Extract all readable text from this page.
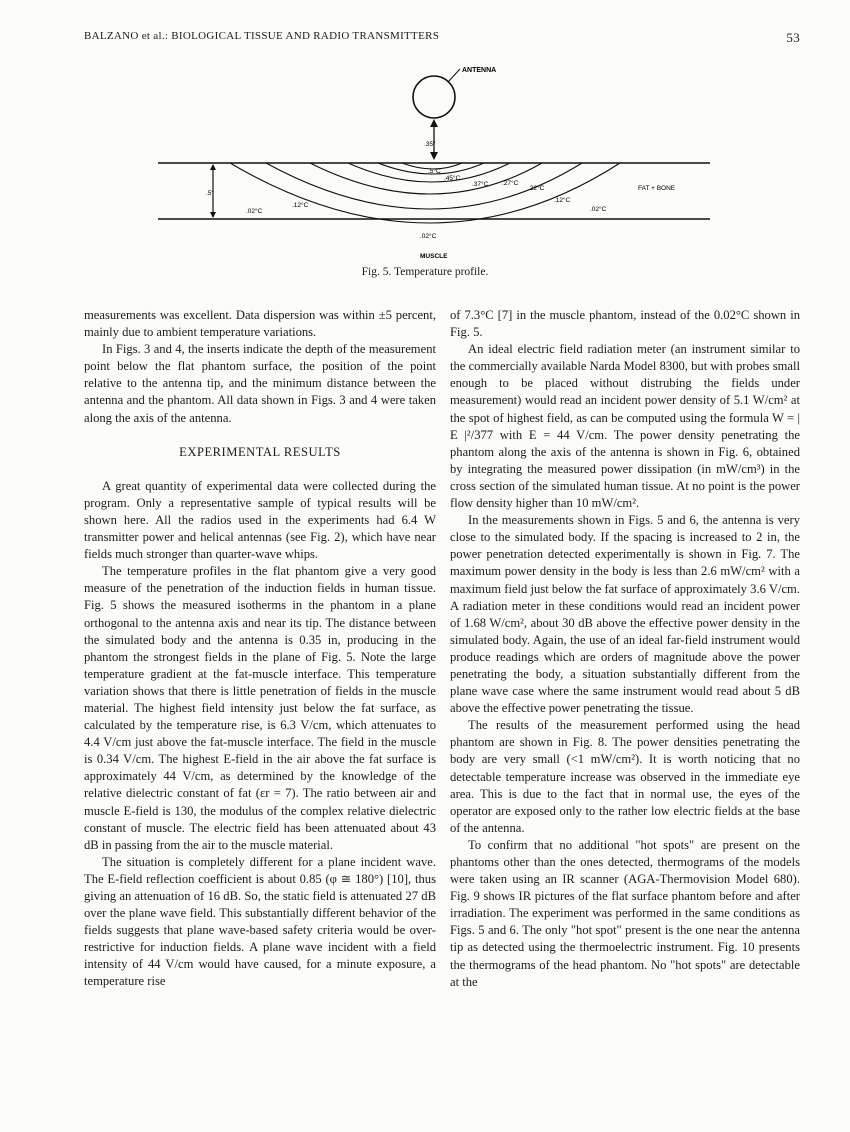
BALZANO et al.: BIOLOGICAL TISSUE AND RADIO TRANSMITTERS	53
ANTENNA
.35"
.5"
.5°C
.45°C
.37°C .27°C
.22°C
.12°C
.02°C
.12°C
.02°C
.02°C
FAT + BONE
MUSCLE
Fig. 5. Temperature profile.

measurements was excellent. Data dispersion was within ±5 percent, mainly due to ambient temperature variations.

In Figs. 3 and 4, the inserts indicate the depth of the measurement point below the flat phantom surface, the position of the point relative to the antenna tip, and the minimum distance between the antenna and the phantom. All data shown in Figs. 3 and 4 were taken along the axis of the antenna.

EXPERIMENTAL RESULTS

A great quantity of experimental data were collected during the program. Only a representative sample of typical results will be shown here. All the radios used in the experiments had 6.4 W transmitter power and helical antennas (see Fig. 2), which have near fields much stronger than quarter-wave whips.

The temperature profiles in the flat phantom give a very good measure of the penetration of the induction fields in human tissue. Fig. 5 shows the measured isotherms in the phantom in a plane orthogonal to the antenna axis and near its tip. The distance between the simulated body and the antenna is 0.35 in, producing in the phantom the strongest fields in the plane of Fig. 5. Note the large temperature gradient at the fat-muscle interface. This temperature variation shows that there is little penetration of fields in the muscle material. The highest field intensity just below the fat surface, as calculated by the temperature rise, is 6.3 V/cm, which attenuates to 4.4 V/cm just above the fat-muscle interface. The field in the muscle is 0.34 V/cm. The highest E-field in the air above the fat surface is approximately 44 V/cm, as determined by the knowledge of the relative dielectric constant of fat (εr = 7). The ratio between air and muscle E-field is 130, the modulus of the complex relative dielectric constant of muscle. The electric field has been attenuated about 43 dB in passing from the air to the muscle material.

The situation is completely different for a plane incident wave. The E-field reflection coefficient is about 0.85 (φ ≅ 180°) [10], thus giving an attenuation of 16 dB. So, the static field is attenuated 27 dB over the plane wave field. This substantially different behavior of the fields suggests that plane wave-based safety criteria would be over-restrictive for induction fields. A plane wave incident with a field intensity of 44 V/cm would have caused, for a minute exposure, a temperature rise

of 7.3°C [7] in the muscle phantom, instead of the 0.02°C shown in Fig. 5.

An ideal electric field radiation meter (an instrument similar to the commercially available Narda Model 8300, but with probes small enough to be placed without distrubing the fields under measurement) would read an incident power density of 5.1 W/cm² at the spot of highest field, as can be computed using the formula W = | E |²/377 with E = 44 V/cm. The power density penetrating the phantom along the axis of the antenna is shown in Fig. 6, obtained by integrating the measured power dissipation (in mW/cm³) in the cross section of the simulated human tissue. At no point is the power flow density higher than 10 mW/cm².

In the measurements shown in Figs. 5 and 6, the antenna is very close to the simulated body. If the spacing is increased to 2 in, the power penetration detected experimentally is shown in Fig. 7. The maximum power density in the body is less than 2.6 mW/cm² with a maximum field just below the fat surface of approximately 3.6 V/cm. A radiation meter in these conditions would read an incident power of 1.68 W/cm², about 30 dB above the effective power density in the simulated body. Again, the use of an ideal far-field instrument would produce readings which are orders of magnitude above the power penetrating the body, a situation substantially different from the plane wave case where the same instrument would read about 5 dB above the effective power penetrating the tissue.

The results of the measurement performed using the head phantom are shown in Fig. 8. The power densities penetrating the body are very small (<1 mW/cm²). It is worth noticing that no detectable temperature increase was observed in the immediate eye area. This is due to the fact that in normal use, the eyes of the operator are exposed only to the rather low electric fields at the base of the antenna.

To confirm that no additional "hot spots" are present on the phantoms other than the ones detected, thermograms of the models were taken using an IR scanner (AGA-Thermovision Model 680). Fig. 9 shows IR pictures of the flat surface phantom before and after irradiation. The experiment was performed in the same conditions as Figs. 5 and 6. The only "hot spot" present is the one near the antenna tip as detected using the thermoelectric instrument. Fig. 10 presents the thermograms of the head phantom. No "hot spots" are detectable at the
